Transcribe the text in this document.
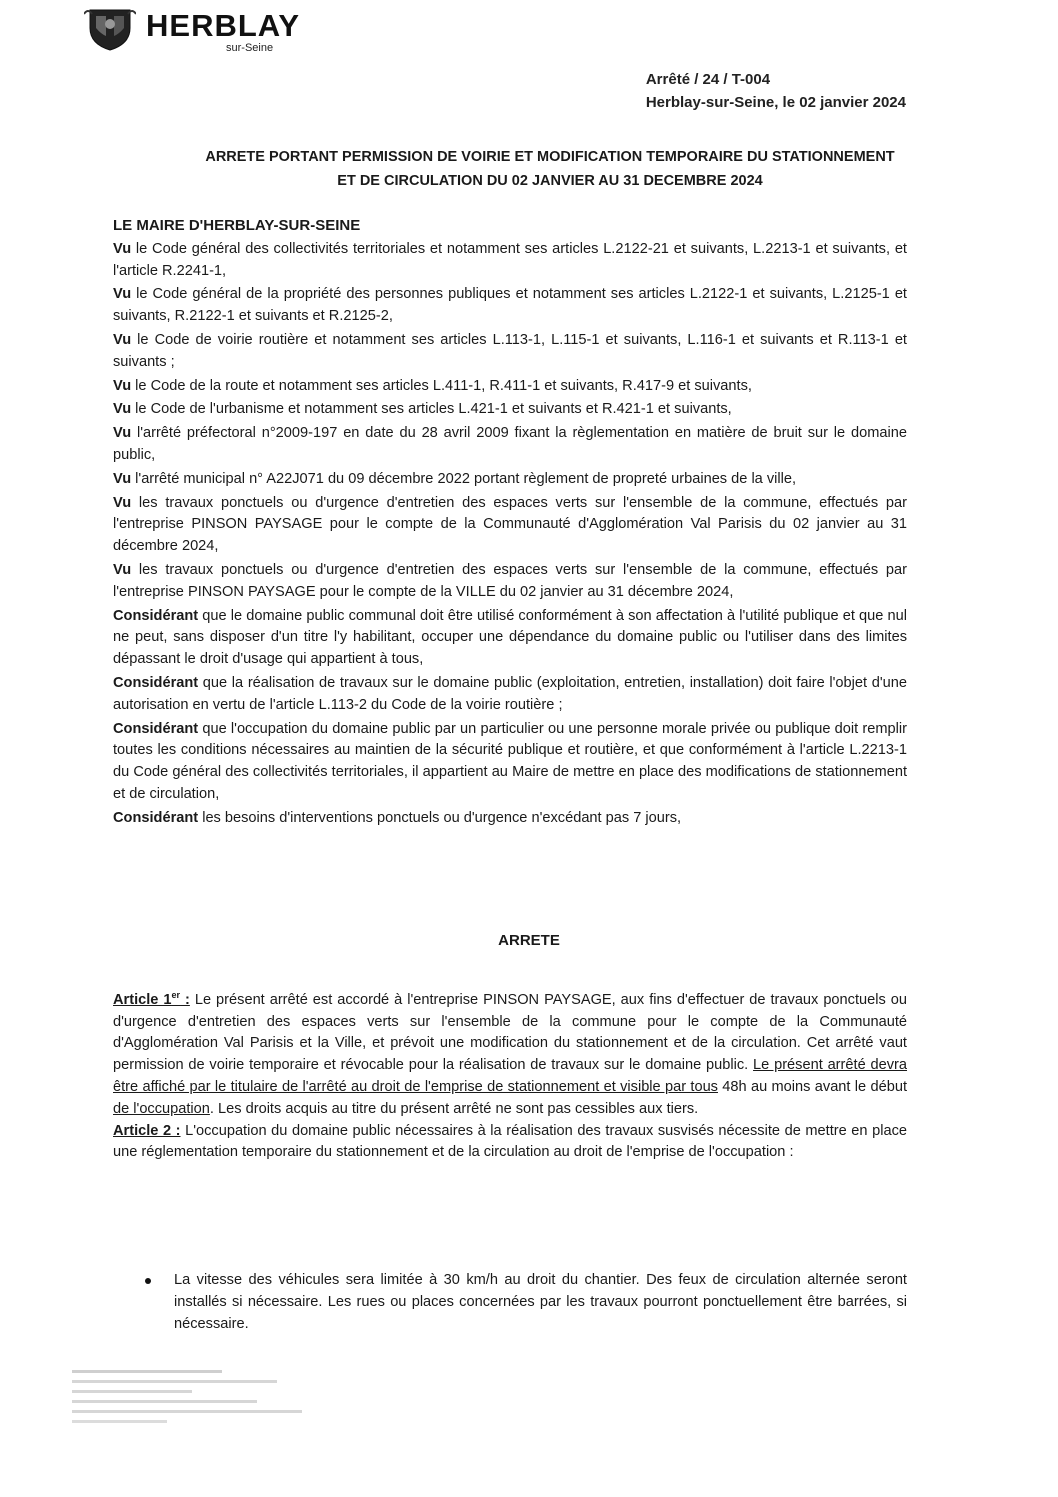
HERBLAY
sur-Seine
Arrêté / 24 / T-004
Herblay-sur-Seine, le 02 janvier 2024
ARRETE PORTANT PERMISSION DE VOIRIE ET MODIFICATION TEMPORAIRE DU STATIONNEMENT
ET DE CIRCULATION DU 02 JANVIER AU 31 DECEMBRE 2024

LE MAIRE D'HERBLAY-SUR-SEINE

Vu le Code général des collectivités territoriales et notamment ses articles L.2122-21 et suivants, L.2213-1 et suivants, et l'article R.2241-1,

Vu le Code général de la propriété des personnes publiques et notamment ses articles L.2122-1 et suivants, L.2125-1 et suivants, R.2122-1 et suivants et R.2125-2,

Vu le Code de voirie routière et notamment ses articles L.113-1, L.115-1 et suivants, L.116-1 et suivants et R.113-1 et suivants ;

Vu le Code de la route et notamment ses articles L.411-1, R.411-1 et suivants, R.417-9 et suivants,

Vu le Code de l'urbanisme et notamment ses articles L.421-1 et suivants et R.421-1 et suivants,

Vu l'arrêté préfectoral n°2009-197 en date du 28 avril 2009 fixant la règlementation en matière de bruit sur le domaine public,

Vu l'arrêté municipal n° A22J071 du 09 décembre 2022 portant règlement de propreté urbaines de la ville,

Vu les travaux ponctuels ou d'urgence d'entretien des espaces verts sur l'ensemble de la commune, effectués par l'entreprise PINSON PAYSAGE pour le compte de la Communauté d'Agglomération Val Parisis du 02 janvier au 31 décembre 2024,

Vu les travaux ponctuels ou d'urgence d'entretien des espaces verts sur l'ensemble de la commune, effectués par l'entreprise PINSON PAYSAGE pour le compte de la VILLE du 02 janvier au 31 décembre 2024,

Considérant que le domaine public communal doit être utilisé conformément à son affectation à l'utilité publique et que nul ne peut, sans disposer d'un titre l'y habilitant, occuper une dépendance du domaine public ou l'utiliser dans des limites dépassant le droit d'usage qui appartient à tous,

Considérant que la réalisation de travaux sur le domaine public (exploitation, entretien, installation) doit faire l'objet d'une autorisation en vertu de l'article L.113-2 du Code de la voirie routière ;

Considérant que l'occupation du domaine public par un particulier ou une personne morale privée ou publique doit remplir toutes les conditions nécessaires au maintien de la sécurité publique et routière, et que conformément à l'article L.2213-1 du Code général des collectivités territoriales, il appartient au Maire de mettre en place des modifications de stationnement et de circulation,

Considérant les besoins d'interventions ponctuels ou d'urgence n'excédant pas 7 jours,

ARRETE

Article 1er : Le présent arrêté est accordé à l'entreprise PINSON PAYSAGE, aux fins d'effectuer de travaux ponctuels ou d'urgence d'entretien des espaces verts sur l'ensemble de la commune pour le compte de la Communauté d'Agglomération Val Parisis et la Ville, et prévoit une modification du stationnement et de la circulation. Cet arrêté vaut permission de voirie temporaire et révocable pour la réalisation de travaux sur le domaine public. Le présent arrêté devra être affiché par le titulaire de l'arrêté au droit de l'emprise de stationnement et visible par tous 48h au moins avant le début de l'occupation. Les droits acquis au titre du présent arrêté ne sont pas cessibles aux tiers.

Article 2 : L'occupation du domaine public nécessaires à la réalisation des travaux susvisés nécessite de mettre en place une réglementation temporaire du stationnement et de la circulation au droit de l'emprise de l'occupation :

La vitesse des véhicules sera limitée à 30 km/h au droit du chantier. Des feux de circulation alternée seront installés si nécessaire. Les rues ou places concernées par les travaux pourront ponctuellement être barrées, si nécessaire.
